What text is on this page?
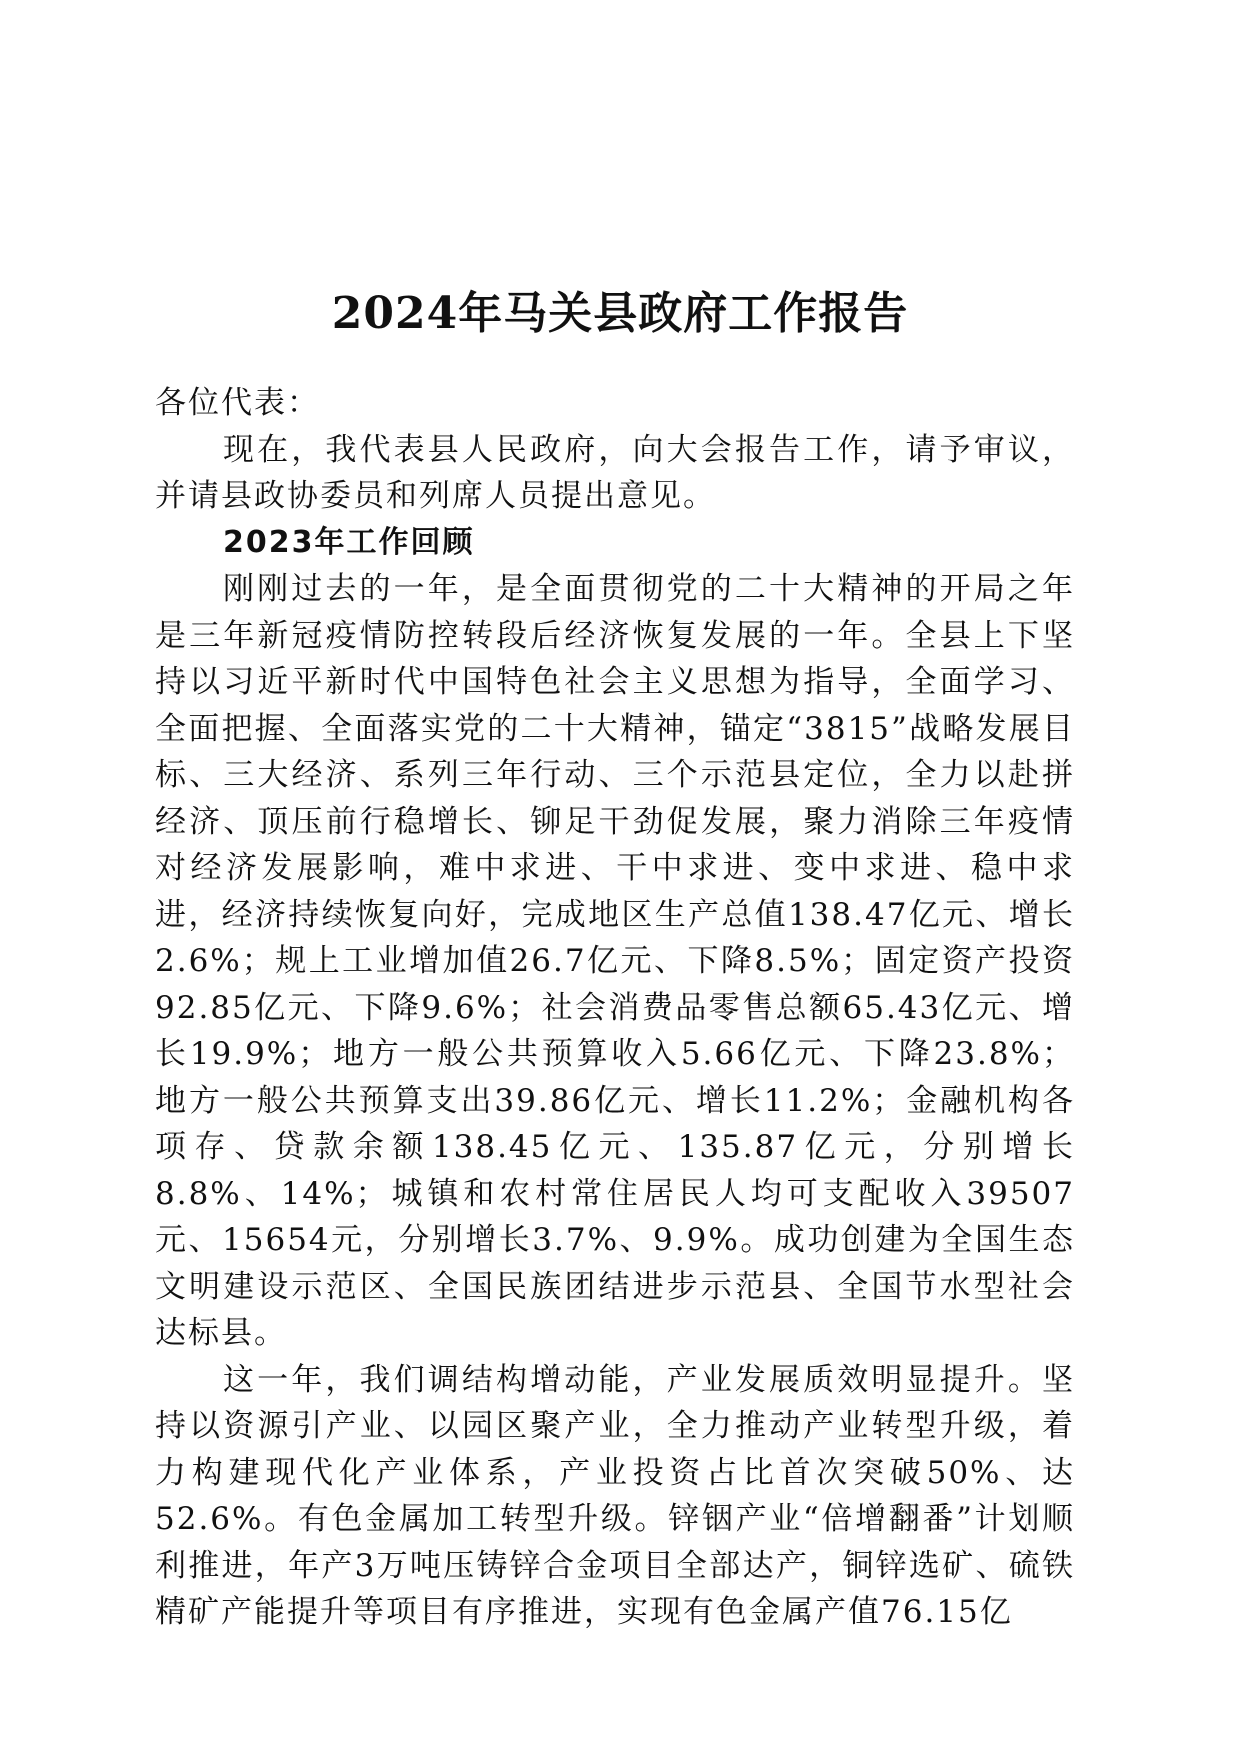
2024年马关县政府工作报告

各位代表：

现在，我代表县人民政府，向大会报告工作，请予审议，并请县政协委员和列席人员提出意见。

2023年工作回顾

刚刚过去的一年，是全面贯彻党的二十大精神的开局之年是三年新冠疫情防控转段后经济恢复发展的一年。全县上下坚持以习近平新时代中国特色社会主义思想为指导，全面学习、全面把握、全面落实党的二十大精神，锚定“3815”战略发展目标、三大经济、系列三年行动、三个示范县定位，全力以赴拼经济、顶压前行稳增长、铆足干劲促发展，聚力消除三年疫情对经济发展影响，难中求进、干中求进、变中求进、稳中求进，经济持续恢复向好，完成地区生产总值138.47亿元、增长2.6%；规上工业增加值26.7亿元、下降8.5%；固定资产投资92.85亿元、下降9.6%；社会消费品零售总额65.43亿元、增长19.9%；地方一般公共预算收入5.66亿元、下降23.8%；地方一般公共预算支出39.86亿元、增长11.2%；金融机构各项存、贷款余额138.45亿元、135.87亿元，分别增长8.8%、14%；城镇和农村常住居民人均可支配收入39507元、15654元，分别增长3.7%、9.9%。成功创建为全国生态文明建设示范区、全国民族团结进步示范县、全国节水型社会达标县。

这一年，我们调结构增动能，产业发展质效明显提升。坚持以资源引产业、以园区聚产业，全力推动产业转型升级，着力构建现代化产业体系，产业投资占比首次突破50%、达52.6%。有色金属加工转型升级。锌铟产业“倍增翻番”计划顺利推进，年产3万吨压铸锌合金项目全部达产，铜锌选矿、硫铁精矿产能提升等项目有序推进，实现有色金属产值76.15亿
